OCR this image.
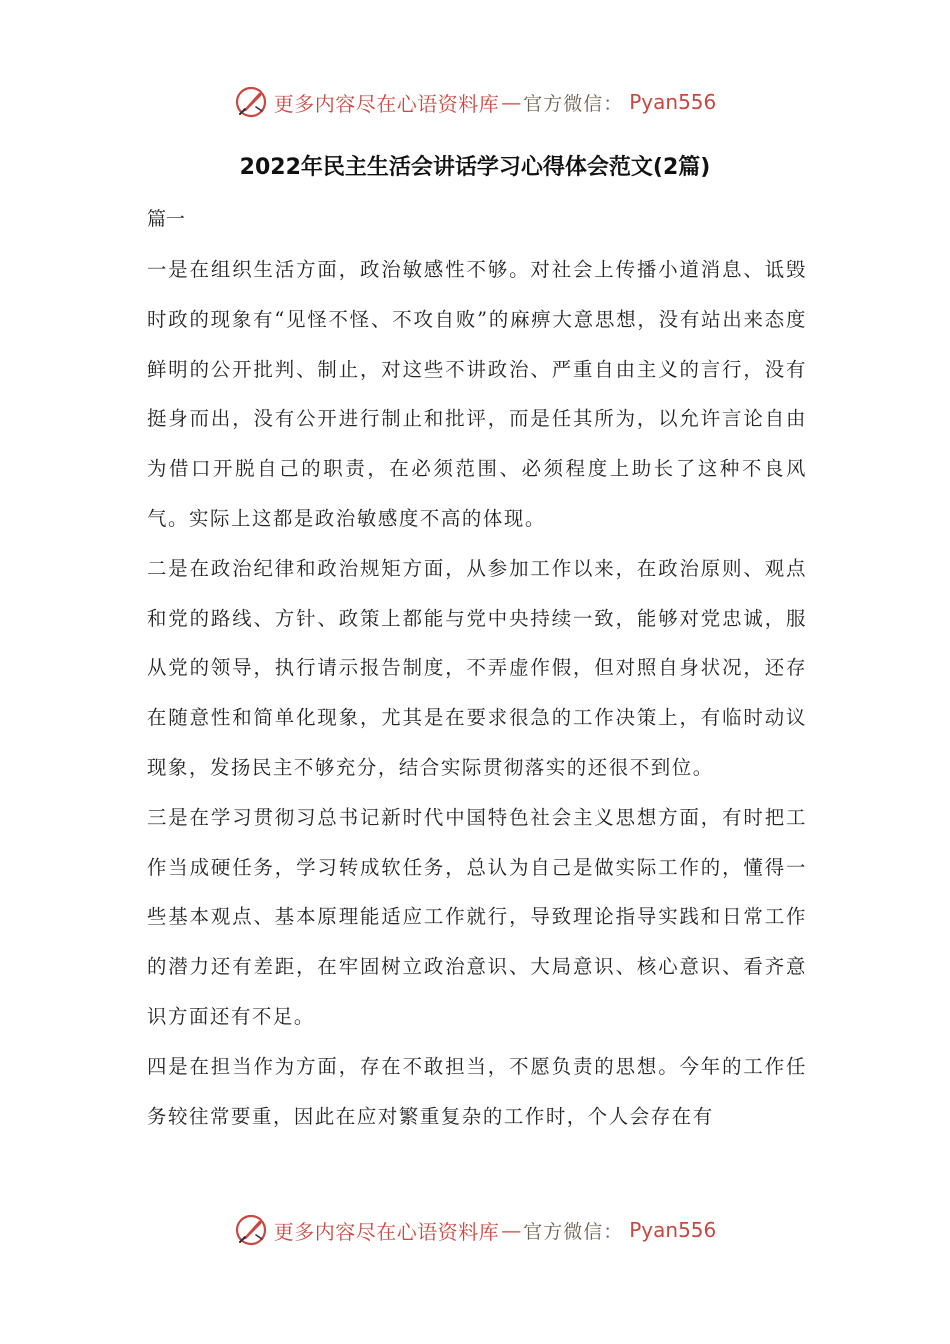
更多内容尽在心语资料库 — 官方微信： Pyan556
2022年民主生活会讲话学习心得体会范文(2篇)
篇一

一是在组织生活方面，政治敏感性不够。对社会上传播小道消息、诋毁时政的现象有“见怪不怪、不攻自败”的麻痹大意思想，没有站出来态度鲜明的公开批判、制止，对这些不讲政治、严重自由主义的言行，没有挺身而出，没有公开进行制止和批评，而是任其所为，以允许言论自由为借口开脱自己的职责，在必须范围、必须程度上助长了这种不良风气。实际上这都是政治敏感度不高的体现。

二是在政治纪律和政治规矩方面，从参加工作以来，在政治原则、观点和党的路线、方针、政策上都能与党中央持续一致，能够对党忠诚，服从党的领导，执行请示报告制度，不弄虚作假，但对照自身状况，还存在随意性和简单化现象，尤其是在要求很急的工作决策上，有临时动议现象，发扬民主不够充分，结合实际贯彻落实的还很不到位。

三是在学习贯彻习总书记新时代中国特色社会主义思想方面，有时把工作当成硬任务，学习转成软任务，总认为自己是做实际工作的，懂得一些基本观点、基本原理能适应工作就行，导致理论指导实践和日常工作的潜力还有差距，在牢固树立政治意识、大局意识、核心意识、看齐意识方面还有不足。

四是在担当作为方面，存在不敢担当，不愿负责的思想。今年的工作任务较往常要重，因此在应对繁重复杂的工作时，个人会存在有

更多内容尽在心语资料库 — 官方微信： Pyan556
